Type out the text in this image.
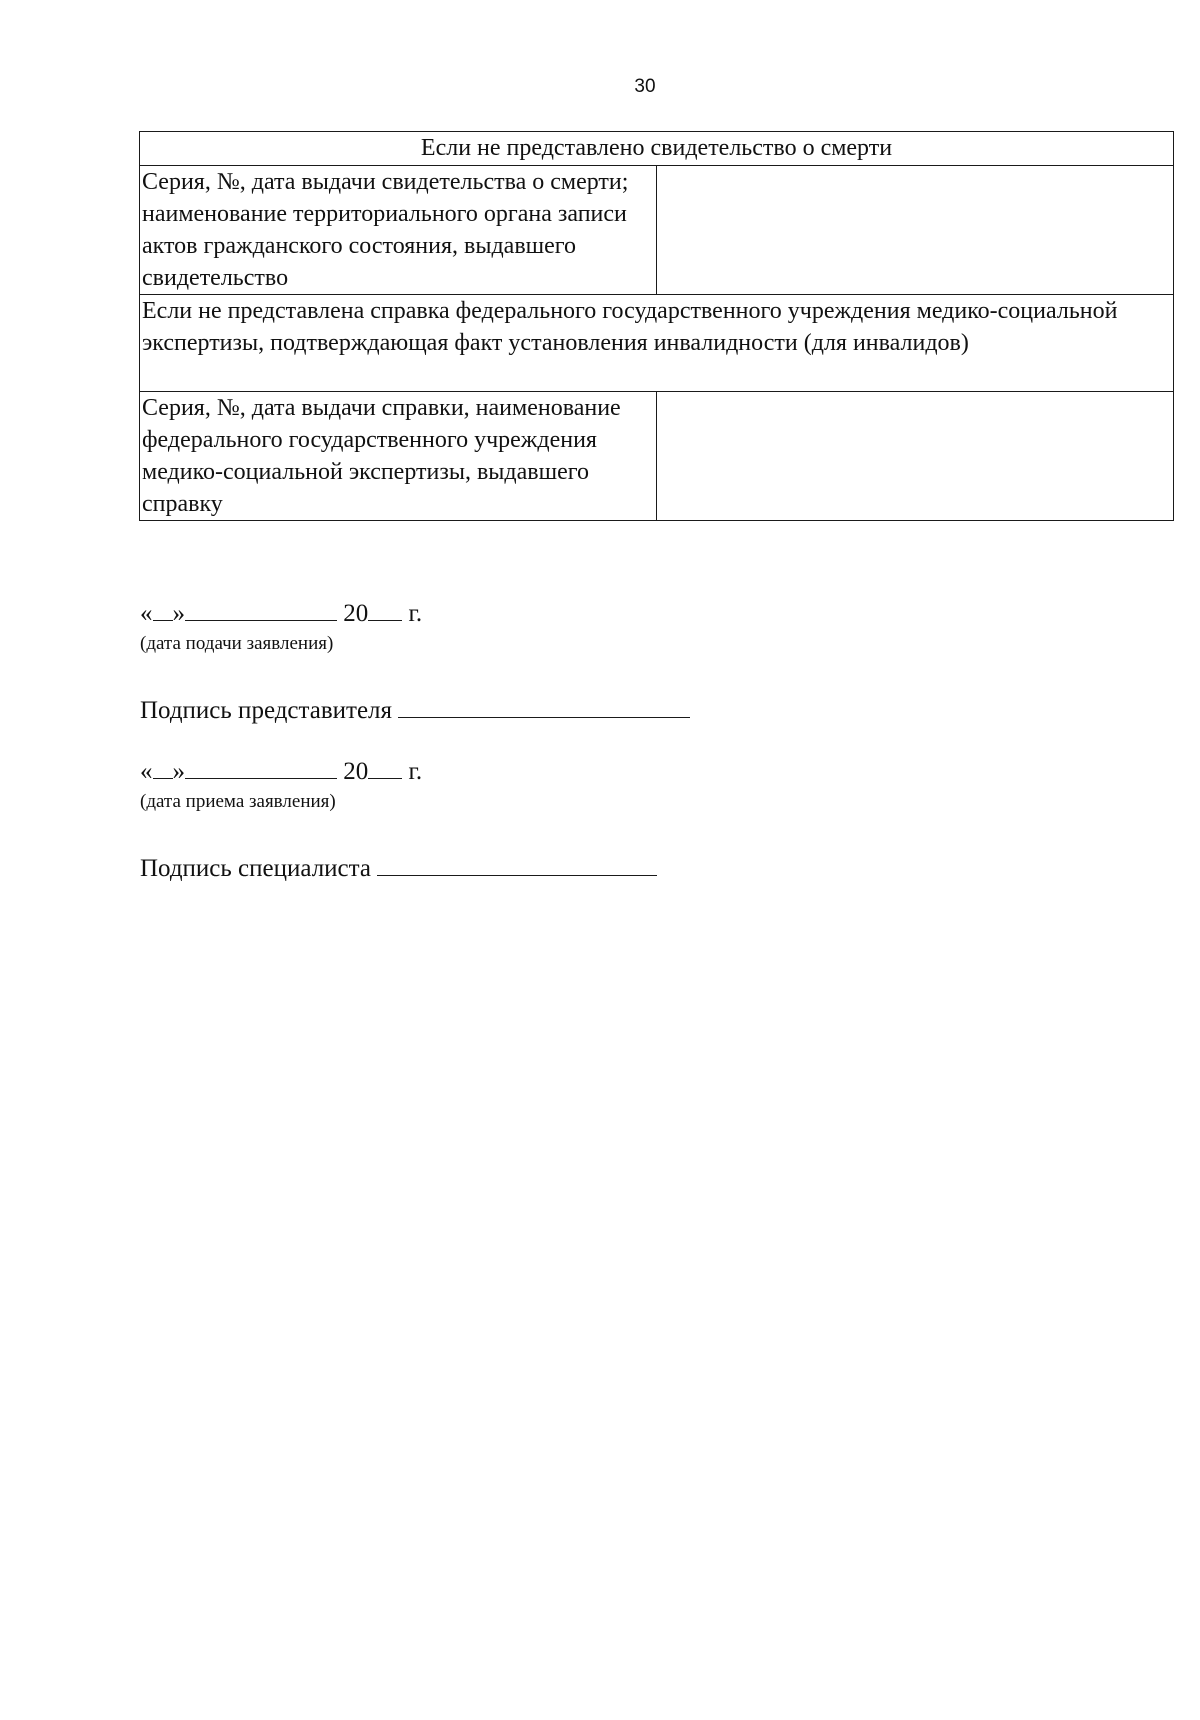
30
Если не представлено свидетельство о смерти	
Серия, №, дата выдачи свидетельства о смерти; наименование территориального органа записи актов гражданского состояния, выдавшего свидетельство	
Если не представлена справка федерального государственного учреждения медико-социальной экспертизы, подтверждающая факт установления инвалидности (для инвалидов)	
Серия, №, дата выдачи справки, наименование федерального государственного учреждения медико-социальной экспертизы, выдавшего справку	
« »	20 г.
(дата подачи заявления)
Подпись представителя
« »	20 г.
(дата приема заявления)
Подпись специалиста
